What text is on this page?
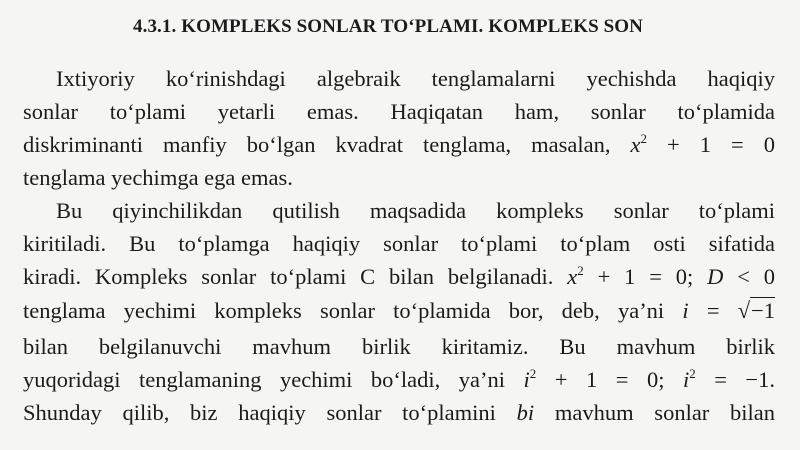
4.3.1. KOMPLEKS SONLAR TO‘PLAMI. KOMPLEKS SON
Ixtiyoriy ko‘rinishdagi algebraik tenglamalarni yechishda haqiqiy
sonlar to‘plami yetarli emas. Haqiqatan ham, sonlar to‘plamida
diskriminanti manfiy bo‘lgan kvadrat tenglama, masalan, $x^2 + 1 = 0$
tenglama yechimga ega emas.
Bu qiyinchilikdan qutilish maqsadida kompleks sonlar to‘plami
kiritiladi. Bu to‘plamga haqiqiy sonlar to‘plami to‘plam osti sifatida
kiradi. Kompleks sonlar to‘plami C bilan belgilanadi. $x^2 + 1 = 0$; D < 0
tenglama yechimi kompleks sonlar to‘plamida bor, deb, ya’ni i = √−1
bilan belgilanuvchi mavhum birlik kiritamiz. Bu mavhum birlik
yuqoridagi tenglamaning yechimi bo‘ladi, ya’ni $i^2 + 1 = 0$; $i^2 = -1$.
Shunday qilib, biz haqiqiy sonlar to‘plamini bi mavhum sonlar bilan
